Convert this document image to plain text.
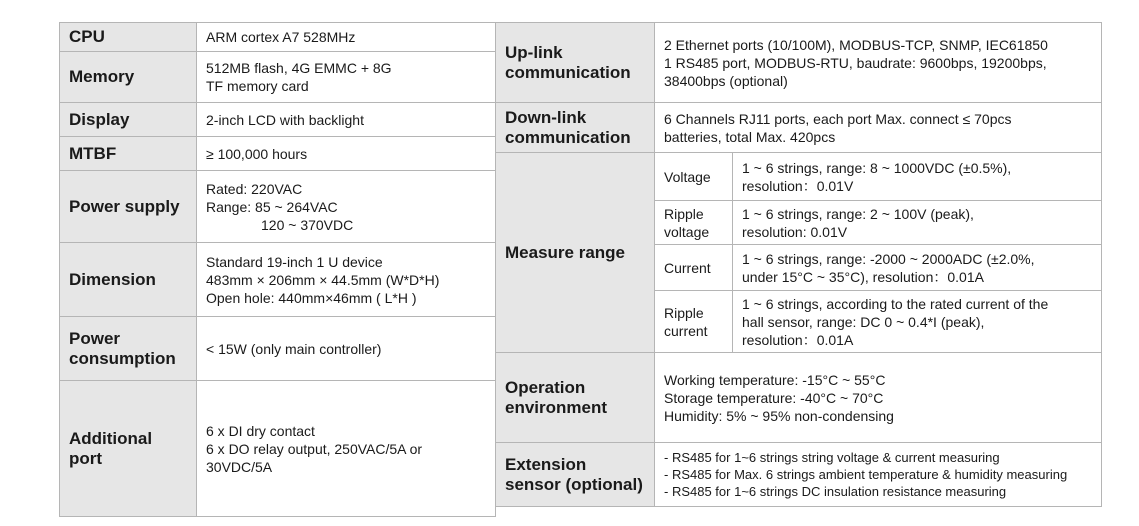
CPU	ARM cortex A7 528MHz
Memory	512MB flash, 4G EMMC + 8G
TF memory card

Display	2-inch LCD with backlight
MTBF	≥ 100,000 hours
Power supply	Rated: 220VAC
Range: 85 ~ 264VAC
120 ~ 370VDC

Dimension	Standard 19-inch 1 U device
483mm × 206mm × 44.5mm (W*D*H)
Open hole: 440mm×46mm ( L*H )

Power
consumption	< 15W (only main controller)

Additional
port	6 x DI dry contact
6 x DO relay output, 250VAC/5A or
30VDC/5A
Up-link
communication	2 Ethernet ports (10/100M), MODBUS-TCP, SNMP, IEC61850
1 RS485 port, MODBUS-RTU, baudrate: 9600bps, 19200bps,
38400bps (optional)	

Down-link
communication	6 Channels RJ11 ports, each port Max. connect ≤ 70pcs
batteries, total Max. 420pcs	

Measure range	Voltage	1 ~ 6 strings, range: 8 ~ 1000VDC (±0.5%),
resolution：0.01V

	Ripple
voltage	1 ~ 6 strings, range: 2 ~ 100V (peak),
resolution: 0.01V

	Current	1 ~ 6 strings, range: -2000 ~ 2000ADC (±2.0%,
under 15°C ~ 35°C), resolution：0.01A

	Ripple
current	1 ~ 6 strings, according to the rated current of the
hall sensor, range: DC 0 ~ 0.4*I (peak),
resolution：0.01A

Operation
environment	Working temperature: -15°C ~ 55°C
Storage temperature: -40°C ~ 70°C
Humidity: 5% ~ 95% non-condensing	

Extension
sensor (optional)	- RS485 for 1~6 strings string voltage & current measuring
- RS485 for Max. 6 strings ambient temperature & humidity measuring
- RS485 for 1~6 strings DC insulation resistance measuring	
